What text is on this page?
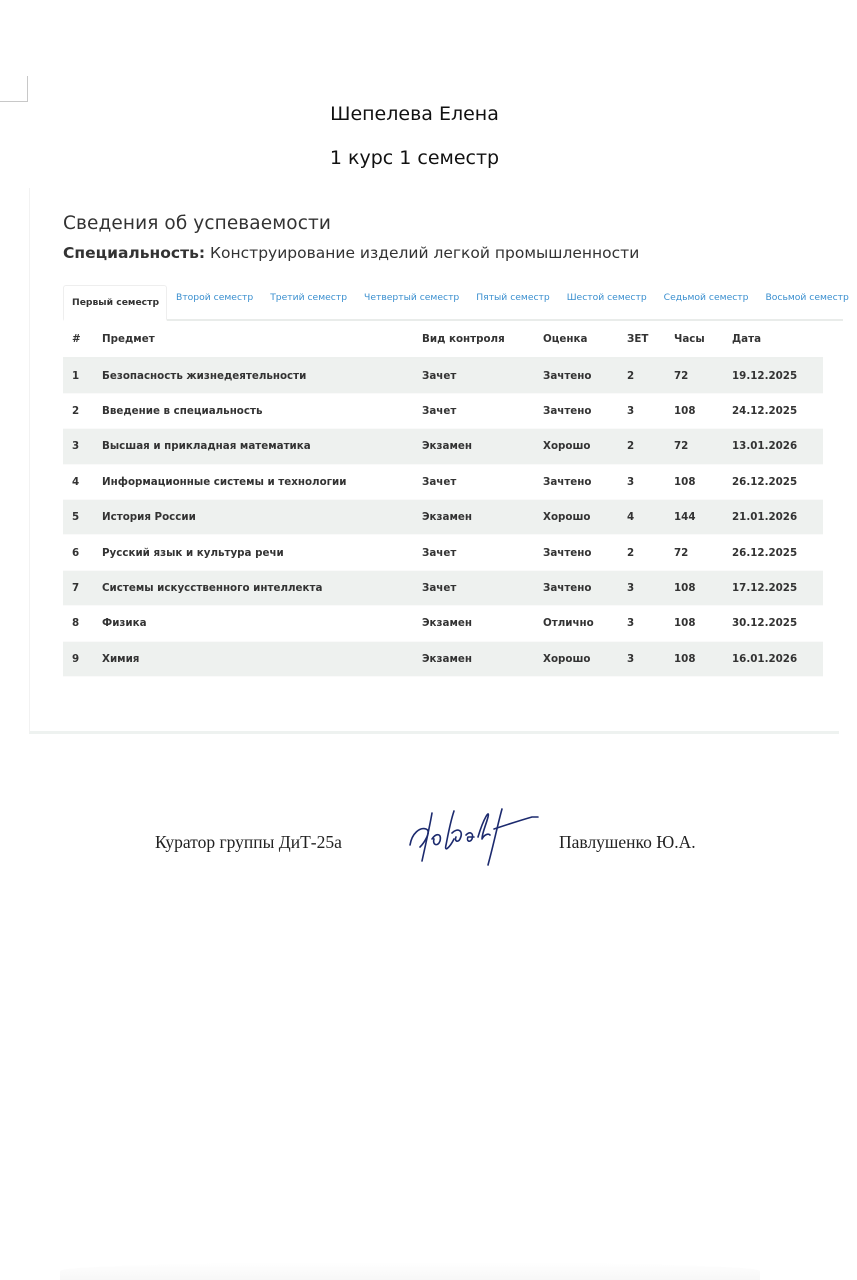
Шепелева Елена
1 курс 1 семестр
Сведения об успеваемости
Специальность: Конструирование изделий легкой промышленности
Первый семестр	Второй семестр	Третий семестр	Четвертый семестр	Пятый семестр	Шестой семестр	Седьмой семестр	Восьмой семестр
#	Предмет	Вид контроля	Оценка	ЗЕТ	Часы	Дата
1	Безопасность жизнедеятельности	Зачет	Зачтено	2	72	19.12.2025
2	Введение в специальность	Зачет	Зачтено	3	108	24.12.2025
3	Высшая и прикладная математика	Экзамен	Хорошо	2	72	13.01.2026
4	Информационные системы и технологии	Зачет	Зачтено	3	108	26.12.2025
5	История России	Экзамен	Хорошо	4	144	21.01.2026
6	Русский язык и культура речи	Зачет	Зачтено	2	72	26.12.2025
7	Системы искусственного интеллекта	Зачет	Зачтено	3	108	17.12.2025
8	Физика	Экзамен	Отлично	3	108	30.12.2025
9	Химия	Экзамен	Хорошо	3	108	16.01.2026
Куратор группы ДиТ-25а	Павлушенко Ю.А.
